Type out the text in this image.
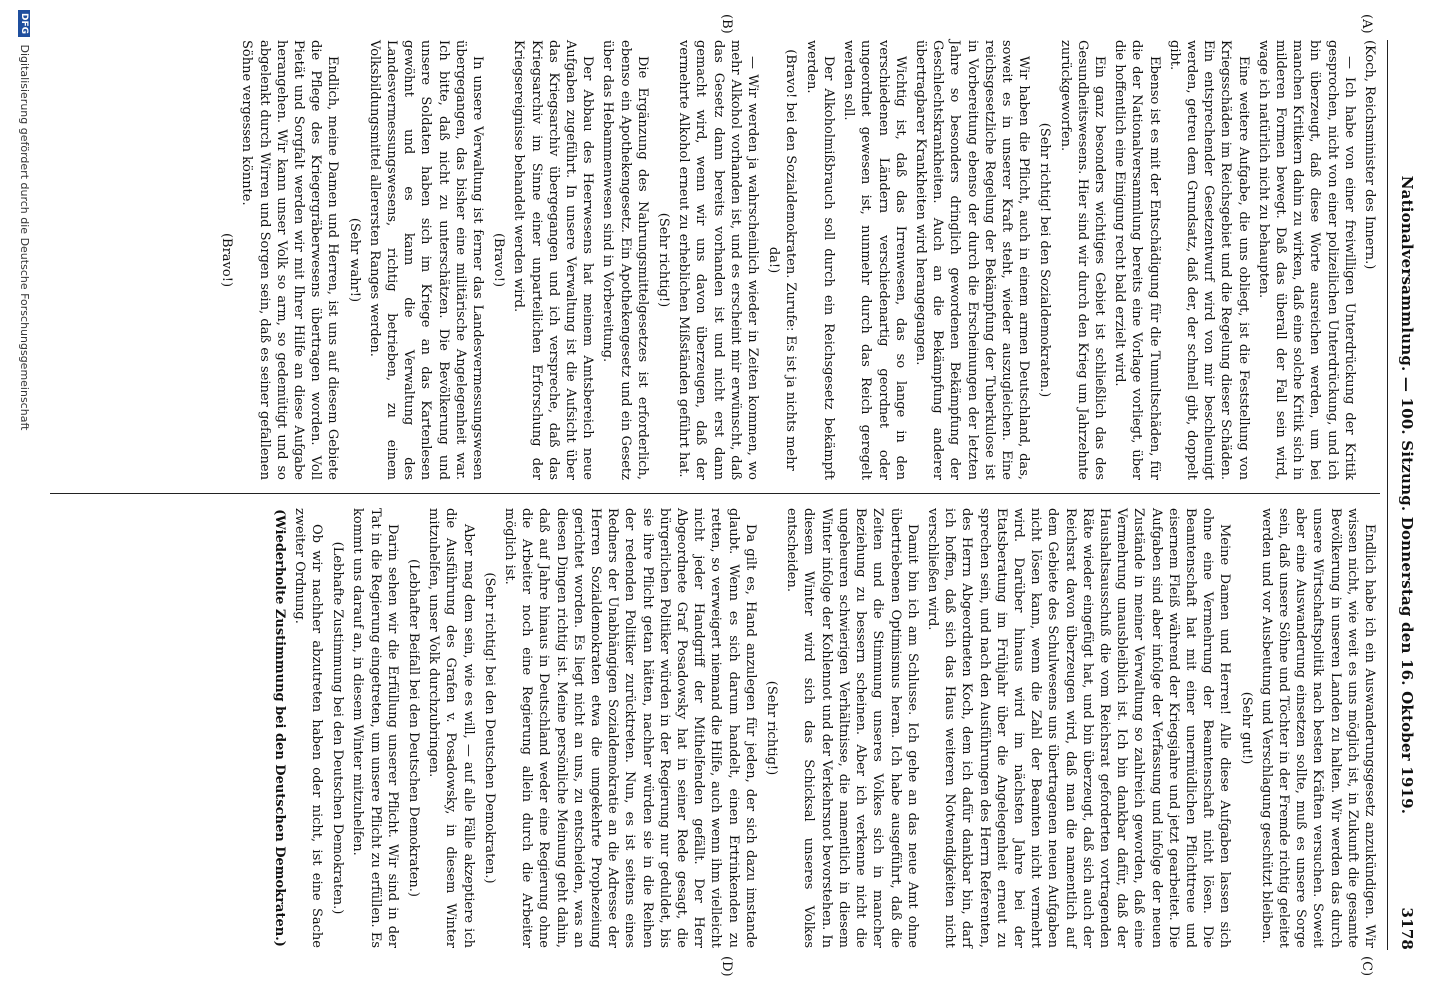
Nationalversammlung. — 100. Sitzung. Donnerstag den 16. Oktober 1919.
3178
(A)
(B)
(C)
(D)

(Koch, Reichsminister des Innern.)

— Ich habe von einer freiwilligen Unterdrückung der Kritik gesprochen, nicht von einer polizeilichen Unterdrückung, und ich bin überzeugt, daß diese Worte ausreichen werden, um bei manchen Kritikern dahin zu wirken, daß eine solche Kritik sich in milderen Formen bewegt. Daß das überall der Fall sein wird, wage ich natürlich nicht zu behaupten.

Eine weitere Aufgabe, die uns obliegt, ist die Feststellung von Kriegsschäden im Reichsgebiet und die Regelung dieser Schäden. Ein entsprechender Gesetzentwurf wird von mir beschleunigt werden, getreu dem Grundsatz, daß der, der schnell gibt, doppelt gibt.

Ebenso ist es mit der Entschädigung für die Tumultschäden, für die der Nationalversammlung bereits eine Vorlage vorliegt, über die hoffentlich eine Einigung recht bald erzielt wird.

Ein ganz besonders wichtiges Gebiet ist schließlich das des Gesundheitswesens. Hier sind wir durch den Krieg um Jahrzehnte zurückgeworfen.

(Sehr richtig! bei den Sozialdemokraten.)

Wir haben die Pflicht, auch in einem armen Deutschland, das, soweit es in unserer Kraft steht, wieder auszugleichen. Eine reichsgesetzliche Regelung der Bekämpfung der Tuberkulose ist in Vorbereitung ebenso der durch die Erscheinungen der letzten Jahre so besonders dringlich gewordenen Bekämpfung der Geschlechtskrankheiten. Auch an die Bekämpfung anderer übertragbarer Krankheiten wird herangegangen.

Wichtig ist, daß das Irrenwesen, das so lange in den verschiedenen Ländern verschiedenartig geordnet oder ungeordnet gewesen ist, nunmehr durch das Reich geregelt werden soll.

Der Alkoholmißbrauch soll durch ein Reichsgesetz bekämpft werden.

(Bravo! bei den Sozialdemokraten. Zurufe: Es ist ja nichts mehr da!)

— Wir werden ja wahrscheinlich wieder in Zeiten kommen, wo mehr Alkohol vorhanden ist, und es erscheint mir erwünscht, daß das Gesetz dann bereits vorhanden ist und nicht erst dann gemacht wird, wenn wir uns davon überzeugen, daß der vermehrte Alkohol erneut zu erheblichen Mißständen geführt hat.

(Sehr richtig!)

Die Ergänzung des Nahrungsmittelgesetzes ist erforderlich, ebenso ein Apothekengesetz. Ein Apothekengesetz und ein Gesetz über das Hebammenwesen sind in Vorbereitung.

Der Abbau des Heerwesens hat meinem Amtsbereich neue Aufgaben zugeführt. In unsere Verwaltung ist die Aufsicht über das Kriegsarchiv übergegangen und ich verspreche, daß das Kriegsarchiv im Sinne einer unparteilichen Erforschung der Kriegsereignisse behandelt werden wird.

(Bravo!)

In unsere Verwaltung ist ferner das Landesvermessungswesen übergegangen, das bisher eine militärische Angelegenheit war. Ich bitte, daß nicht zu unterschätzen. Die Bevölkerung und unsere Soldaten haben sich im Kriege an das Kartenlesen gewöhnt und es kann die Verwaltung des Landesvermessungswesens, richtig betrieben, zu einem Volksbildungsmittel allerersten Ranges werden.

(Sehr wahr!)

Endlich, meine Damen und Herren, ist uns auf diesem Gebiete die Pflege des Kriegergräberwesens übertragen worden. Voll Pietät und Sorgfalt werden wir mit Ihrer Hilfe an diese Aufgabe herangehen. Wir kann unser Volk so arm, so gedemütigt und so abgelenkt durch Wirren und Sorgen sein, daß es seiner gefallenen Söhne vergessen könnte.

(Bravo!)

Endlich habe ich ein Auswanderungsgesetz anzukündigen. Wir wissen nicht, wie weit es uns möglich ist, in Zukunft die gesamte Bevölkerung in unseren Landen zu halten. Wir werden das durch unsere Wirtschaftspolitik nach besten Kräften versuchen. Soweit aber eine Auswanderung einsetzen sollte, muß es unsere Sorge sein, daß unsere Söhne und Töchter in der Fremde richtig geleitet werden und vor Ausbeutung und Verschlagung geschützt bleiben.

(Sehr gut!)

Meine Damen und Herren! Alle diese Aufgaben lassen sich ohne eine Vermehrung der Beamtenschaft nicht lösen. Die Beamtenschaft hat mit einer unermüdlichen Pflichttreue und eisernem Fleiß während der Kriegsjahre und jetzt gearbeitet. Die Aufgaben sind aber infolge der Verfassung und infolge der neuen Zustände in meiner Verwaltung so zahlreich geworden, daß eine Vermehrung unausbleiblich ist. Ich bin dankbar dafür, daß der Haushaltsausschuß die vom Reichsrat geforderten vortragenden Räte wieder eingefügt hat, und bin überzeugt, daß sich auch der Reichsrat davon überzeugen wird, daß man die namentlich auf dem Gebiete des Schulwesens uns übertragenen neuen Aufgaben nicht lösen kann, wenn die Zahl der Beamten nicht vermehrt wird. Darüber hinaus wird im nächsten Jahre bei der Etatsberatung im Frühjahr über die Angelegenheit erneut zu sprechen sein, und nach den Ausführungen des Herrn Referenten, des Herrn Abgeordneten Koch, dem ich dafür dankbar bin, darf ich hoffen, daß sich das Haus weiteren Notwendigkeiten nicht verschließen wird.

Damit bin ich am Schlusse. Ich gehe an das neue Amt ohne übertriebenen Optimismus heran. Ich habe ausgeführt, daß die Zeiten und die Stimmung unseres Volkes sich in mancher Beziehung zu bessern scheinen. Aber ich verkenne nicht die ungeheuren schwierigen Verhältnisse, die namentlich in diesem Winter infolge der Kohlennot und der Verkehrsnot bevorstehen. In diesem Winter wird sich das Schicksal unseres Volkes entscheiden.

(Sehr richtig!)

Da gilt es, Hand anzulegen für jeden, der sich dazu imstande glaubt. Wenn es sich darum handelt, einen Ertrinkenden zu retten, so verweigert niemand die Hilfe, auch wenn ihm vielleicht nicht jeder Handgriff der Mithelfenden gefällt. Der Herr Abgeordnete Graf Posadowsky hat in seiner Rede gesagt, die bürgerlichen Politiker würden in der Regierung nur geduldet, bis sie ihre Pflicht getan hätten, nachher würden sie in die Reihen der redenden Politiker zurücktreten. Nun, es ist seitens eines Redners der Unabhängigen Sozialdemokratie an die Adresse der Herren Sozialdemokraten etwa die umgekehrte Prophezeiung gerichtet worden. Es liegt nicht an uns, zu entscheiden, was an diesen Dingen richtig ist. Meine persönliche Meinung geht dahin, daß auf Jahre hinaus in Deutschland weder eine Regierung ohne die Arbeiter noch eine Regierung allein durch die Arbeiter möglich ist.

(Sehr richtig! bei den Deutschen Demokraten.)

Aber mag dem sein, wie es will, — auf alle Fälle akzeptiere ich die Ausführung des Grafen v. Posadowsky, in diesem Winter mitzuhelfen, unser Volk durchzubringen.

(Lebhafter Beifall bei den Deutschen Demokraten.)

Darin sehen wir die Erfüllung unserer Pflicht. Wir sind in der Tat in die Regierung eingetreten, um unsere Pflicht zu erfüllen. Es kommt uns darauf an, in diesem Winter mitzuhelfen.

(Lebhafte Zustimmung bei den Deutschen Demokraten.)

Ob wir nachher abzutreten haben oder nicht, ist eine Sache zweiter Ordnung.

(Wiederholte Zustimmung bei den Deutschen Demokraten.)

DFG Digitalisierung gefördert durch die Deutsche Forschungsgemeinschaft
